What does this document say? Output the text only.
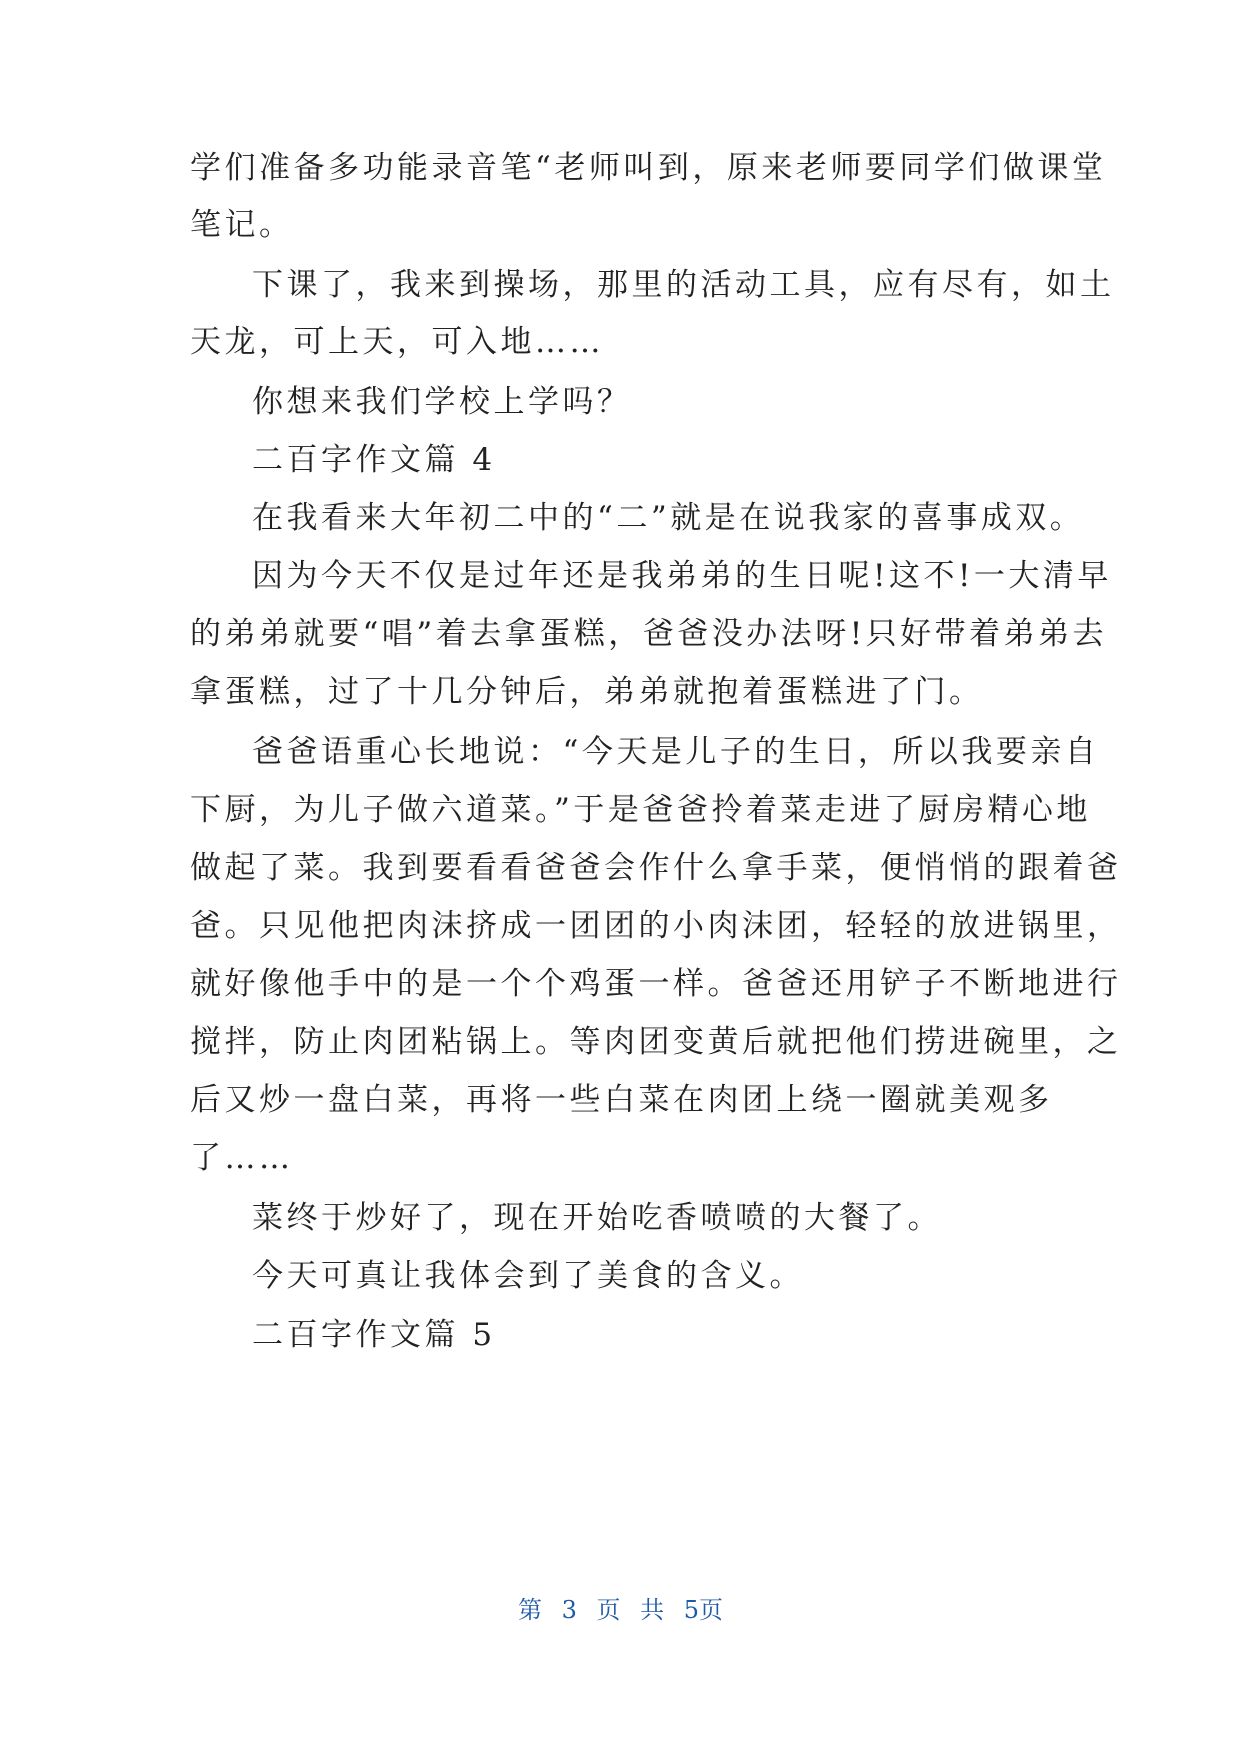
学们准备多功能录音笔“老师叫到，原来老师要同学们做课堂
笔记。
下课了，我来到操场，那里的活动工具，应有尽有，如土
天龙，可上天，可入地……
你想来我们学校上学吗？
二百字作文篇 4
在我看来大年初二中的“二”就是在说我家的喜事成双。
因为今天不仅是过年还是我弟弟的生日呢!这不!一大清早
的弟弟就要“唱”着去拿蛋糕，爸爸没办法呀!只好带着弟弟去
拿蛋糕，过了十几分钟后，弟弟就抱着蛋糕进了门。
爸爸语重心长地说：“今天是儿子的生日，所以我要亲自
下厨，为儿子做六道菜。”于是爸爸拎着菜走进了厨房精心地
做起了菜。我到要看看爸爸会作什么拿手菜，便悄悄的跟着爸
爸。只见他把肉沫挤成一团团的小肉沫团，轻轻的放进锅里，
就好像他手中的是一个个鸡蛋一样。爸爸还用铲子不断地进行
搅拌，防止肉团粘锅上。等肉团变黄后就把他们捞进碗里，之
后又炒一盘白菜，再将一些白菜在肉团上绕一圈就美观多
了……
菜终于炒好了，现在开始吃香喷喷的大餐了。
今天可真让我体会到了美食的含义。
二百字作文篇 5
第 3 页 共 5页
